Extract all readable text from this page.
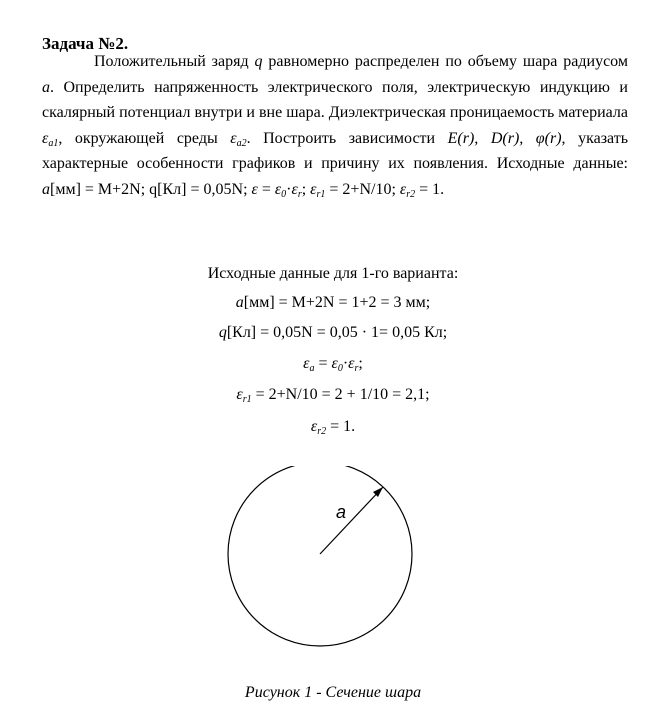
Задача №2.

Положительный заряд q равномерно распределен по объему шара радиусом a. Определить напряженность электрического поля, электрическую индукцию и скалярный потенциал внутри и вне шара. Диэлектрическая проницаемость материала $\varepsilon_{a1}$, окружающей среды $\varepsilon_{a2}$. Построить зависимости E(r), D(r), φ(r), указать характерные особенности графиков и причину их появления. Исходные данные: a[мм] = M+2N; q[Кл] = 0,05N; $\varepsilon = \varepsilon_0\cdot\varepsilon_r$; $\varepsilon_{r1} = 2+N/10$; $\varepsilon_{r2} = 1$.

Исходные данные для 1-го варианта:
a[мм] = M+2N = 1+2 = 3 мм;
q[Кл] = 0,05N = 0,05 · 1= 0,05 Кл;
$\varepsilon_a = \varepsilon_0\cdot\varepsilon_r$;
$\varepsilon_{r1} = 2+N/10 = 2 + 1/10 = 2,1$;
$\varepsilon_{r2} = 1$.
a
Рисунок 1 - Сечение шара
